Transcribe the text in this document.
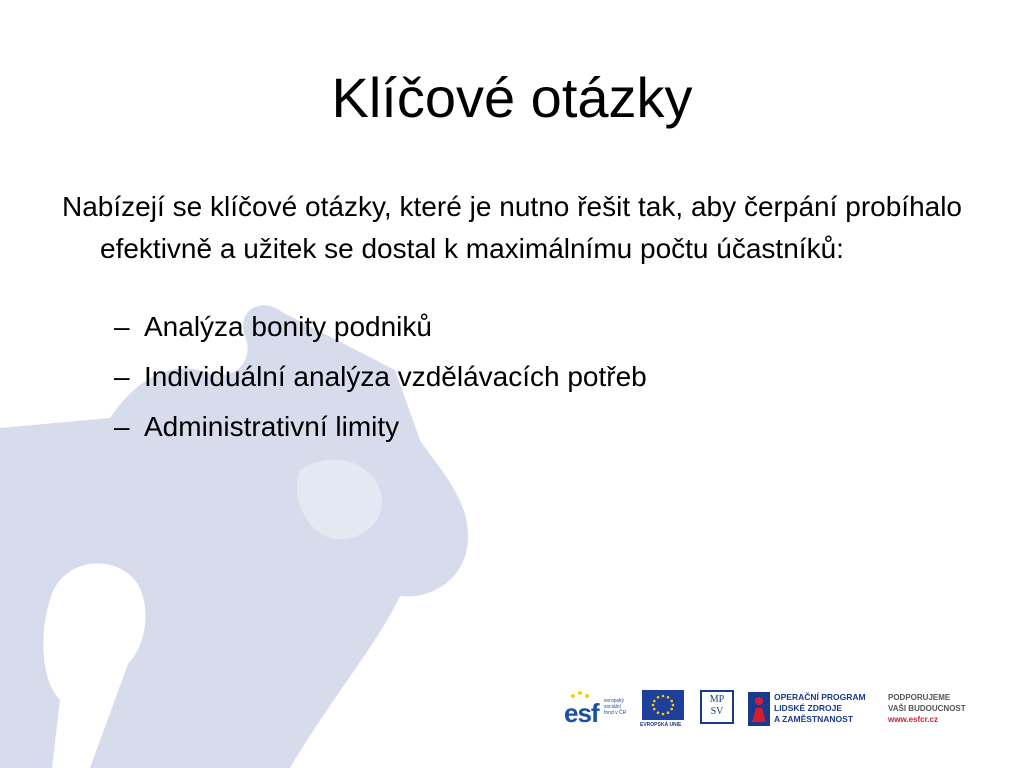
Klíčové otázky

Nabízejí se klíčové otázky, které je nutno řešit tak, aby čerpání probíhalo efektivně a užitek se dostal k maximálnímu počtu účastníků:

– Analýza bonity podniků
– Individuální analýza vzdělávacích potřeb
– Administrativní limity
esf evropský
sociální
fond v ČR
EVROPSKÁ UNIE
MP
SV
OPERAČNÍ PROGRAM
LIDSKÉ ZDROJE
A ZAMĚSTNANOST
PODPORUJEME
VAŠI BUDOUCNOST
www.esfcr.cz
